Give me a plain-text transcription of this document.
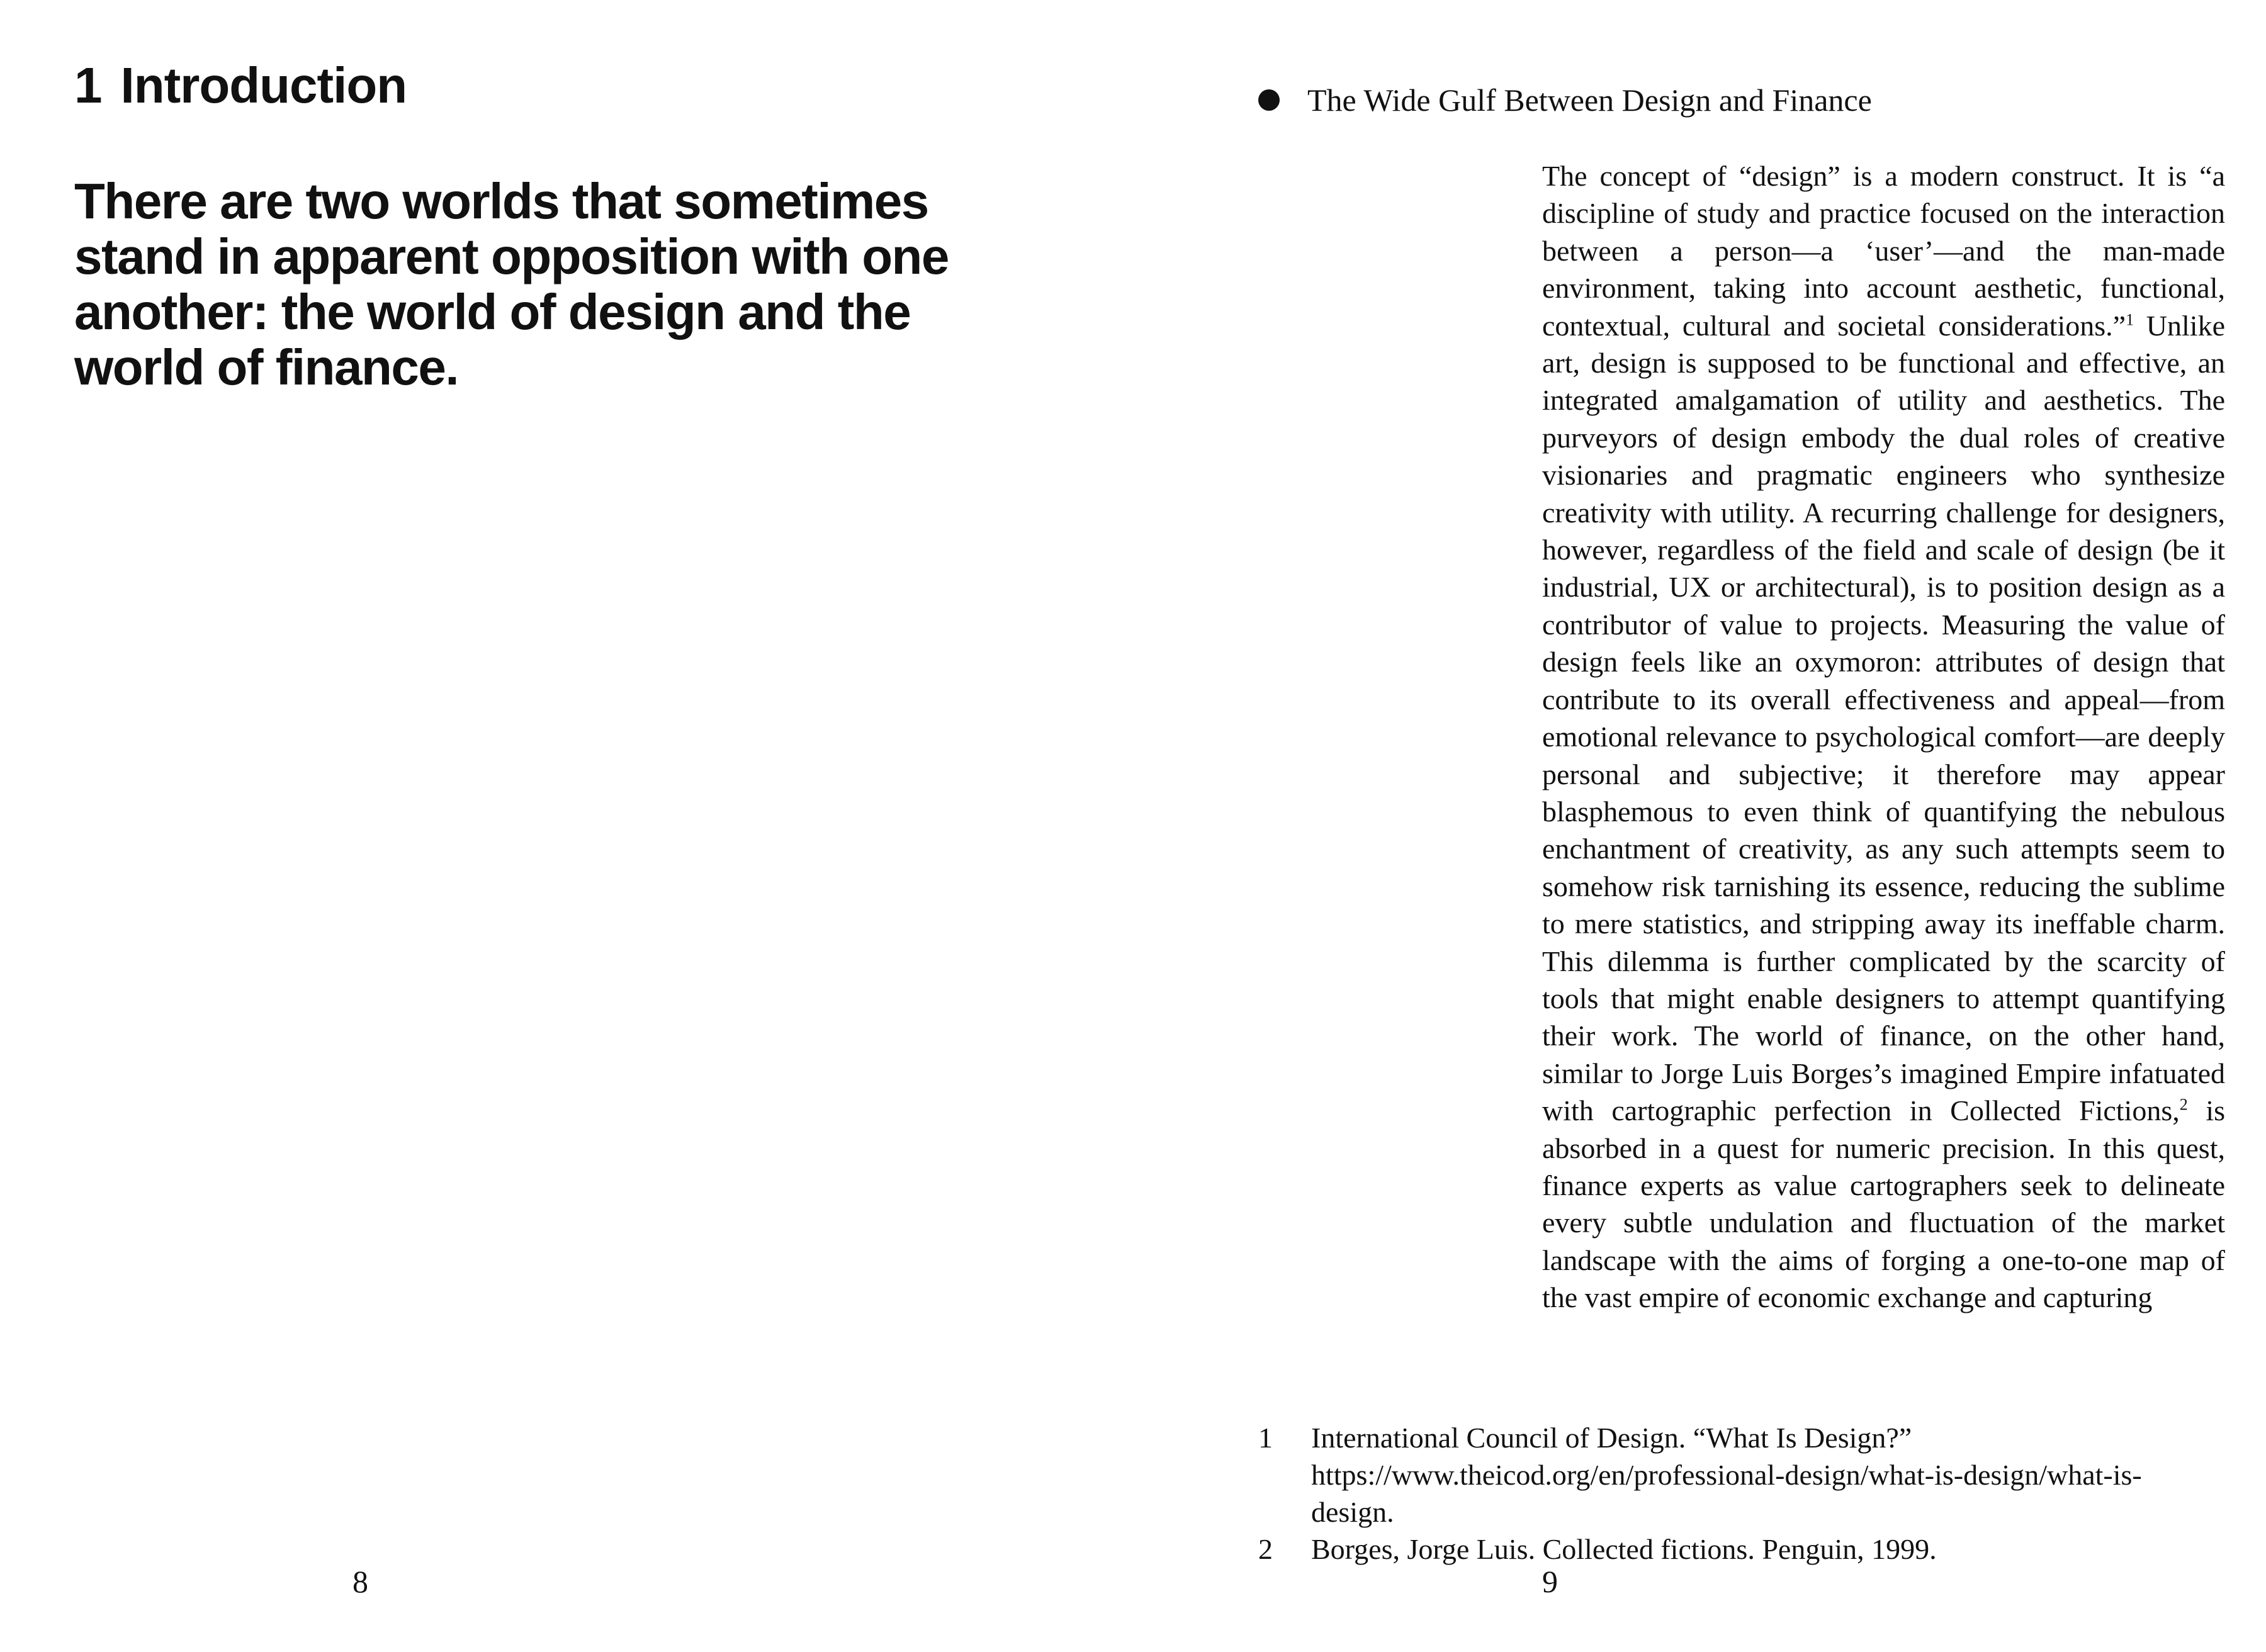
1 Introduction

There are two worlds that sometimes stand in apparent opposition with one another: the world of design and the world of finance.

8
The Wide Gulf Between Design and Finance

The concept of “design” is a modern construct. It is “a discipline of study and practice focused on the interaction between a person—a ‘user’—and the man-made environment, taking into account aesthetic, functional, contextual, cultural and societal considerations.”$^1$ Unlike art, design is supposed to be functional and effective, an integrated amalgamation of utility and aesthetics. The purveyors of design embody the dual roles of creative visionaries and pragmatic engineers who synthesize creativity with utility. A recurring challenge for designers, however, regardless of the field and scale of design (be it industrial, UX or architectural), is to position design as a contributor of value to projects. Measuring the value of design feels like an oxymoron: attributes of design that contribute to its overall effectiveness and appeal—from emotional relevance to psychological comfort—are deeply personal and subjective; it therefore may appear blasphemous to even think of quantifying the nebulous enchantment of creativity, as any such attempts seem to somehow risk tarnishing its essence, reducing the sublime to mere statistics, and stripping away its ineffable charm. This dilemma is further complicated by the scarcity of tools that might enable designers to attempt quantifying their work. The world of finance, on the other hand, similar to Jorge Luis Borges’s imagined Empire infatuated with cartographic perfection in Collected Fictions,$^2$ is absorbed in a quest for numeric precision. In this quest, finance experts as value cartographers seek to delineate every subtle undulation and fluctuation of the market landscape with the aims of forging a one-to-one map of the vast empire of economic exchange and capturing

1	International Council of Design. “What Is Design?” https://www.theicod.org/en/professional-design/what-is-design/what-is-design.
2	Borges, Jorge Luis. Collected fictions. Penguin, 1999.
9
